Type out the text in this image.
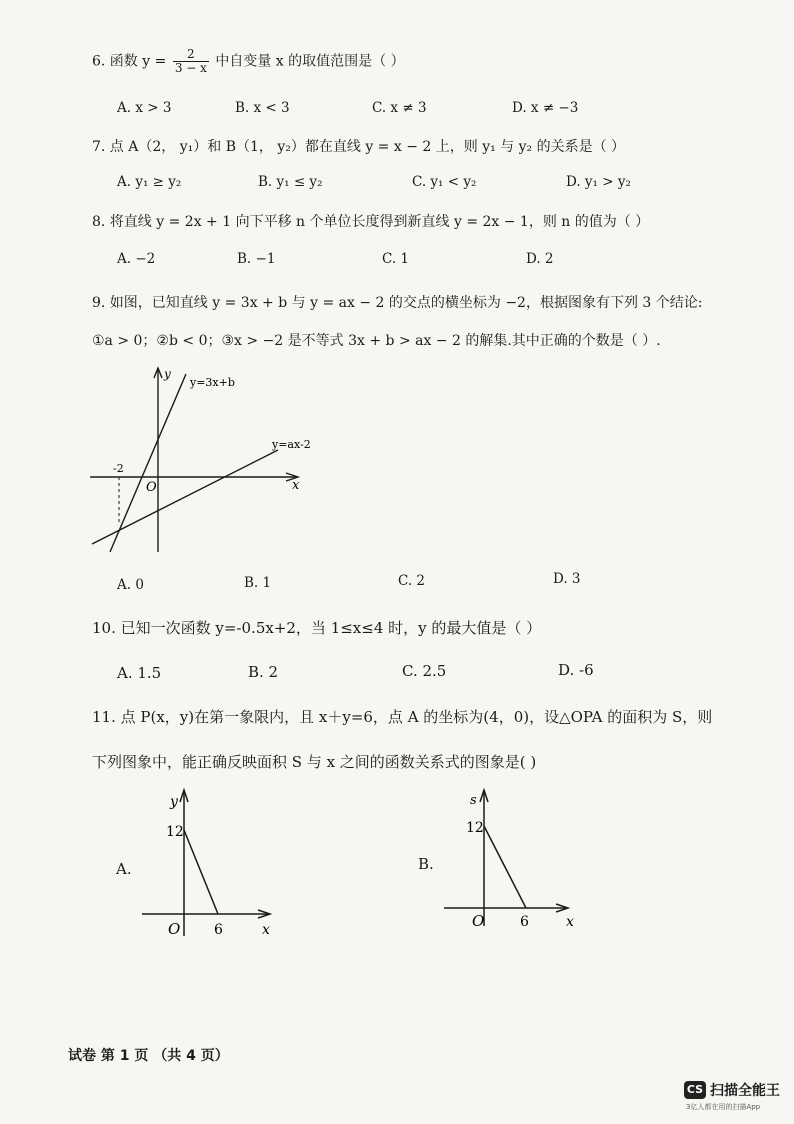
6. 函数 $y = \frac{2}{3 - x}$ 中自变量 x 的取值范围是（ ）
A. x > 3	B. x < 3	C. x ≠ 3	D. x ≠ −3
7. 点 A（2， y₁）和 B（1， y₂）都在直线 y = x − 2 上，则 y₁ 与 y₂ 的关系是（ ）
A. y₁ ≥ y₂	B. y₁ ≤ y₂	C. y₁ < y₂	D. y₁ > y₂
8. 将直线 y = 2x + 1 向下平移 n 个单位长度得到新直线 y = 2x − 1，则 n 的值为（ ）
A. −2	B. −1	C. 1	D. 2
9. 如图，已知直线 y = 3x + b 与 y = ax − 2 的交点的横坐标为 −2，根据图象有下列 3 个结论:
①a > 0；②b < 0；③x > −2 是不等式 3x + b > ax − 2 的解集.其中正确的个数是（ ）.
y
x
O
-2
y=3x+b
y=ax-2
A. 0	B. 1	C. 2	D. 3
10. 已知一次函数 y=-0.5x+2，当 1≤x≤4 时，y 的最大值是（ ）
A. 1.5	B. 2	C. 2.5	D. -6
11. 点 P(x，y)在第一象限内，且 x＋y=6，点 A 的坐标为(4，0)，设△OPA 的面积为 S，则
下列图象中，能正确反映面积 S 与 x 之间的函数关系式的图象是( )
A.
y
x
O
12
6
B.
s
x
O
12
6
试卷 第 1 页 （共 4 页）
CS 扫描全能王
3亿人都在用的扫描App
